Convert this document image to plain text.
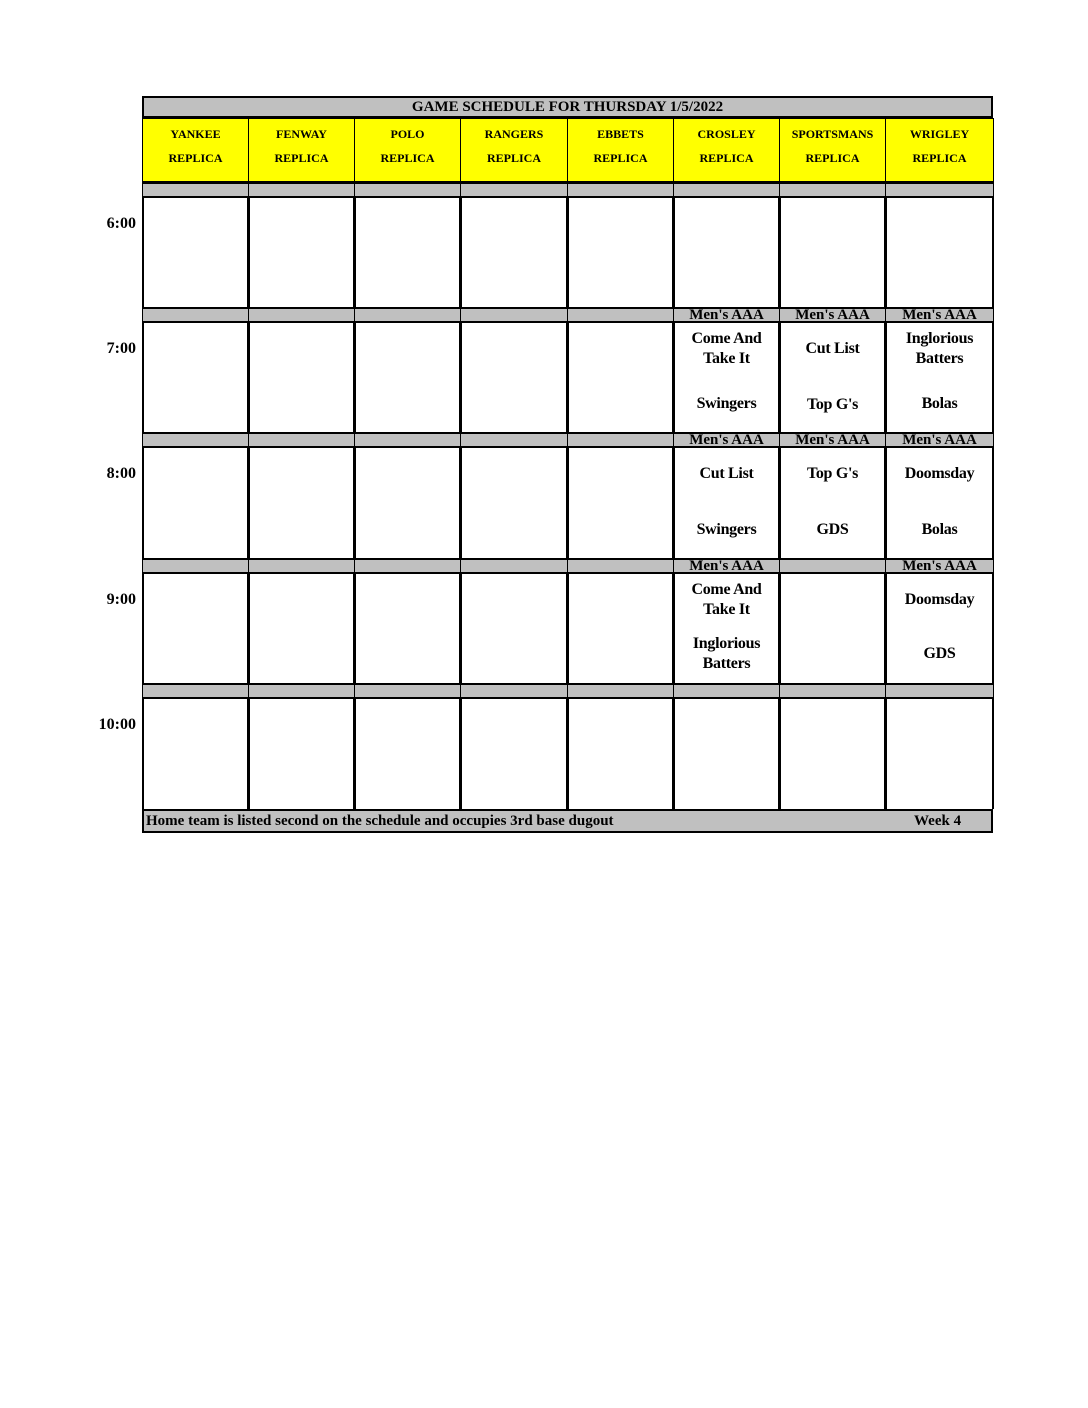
GAME SCHEDULE FOR THURSDAY 1/5/2022
YANKEE
REPLICA
FENWAY
REPLICA
POLO
REPLICA
RANGERS
REPLICA
EBBETS
REPLICA
CROSLEY
REPLICA
SPORTSMANS
REPLICA
WRIGLEY
REPLICA
Men's AAA
Come And Take It
Swingers
Men's AAA
Cut List
Top G's
Men's AAA
Inglorious Batters
Bolas
Men's AAA
Cut List
Swingers
Men's AAA
Top G's
GDS
Men's AAA
Doomsday
Bolas
Men's AAA
Come And Take It
Inglorious Batters
Men's AAA
Doomsday
GDS
6:00
7:00
8:00
9:00
10:00
Home team is listed second on the schedule and occupies 3rd base dugout	Week 4
